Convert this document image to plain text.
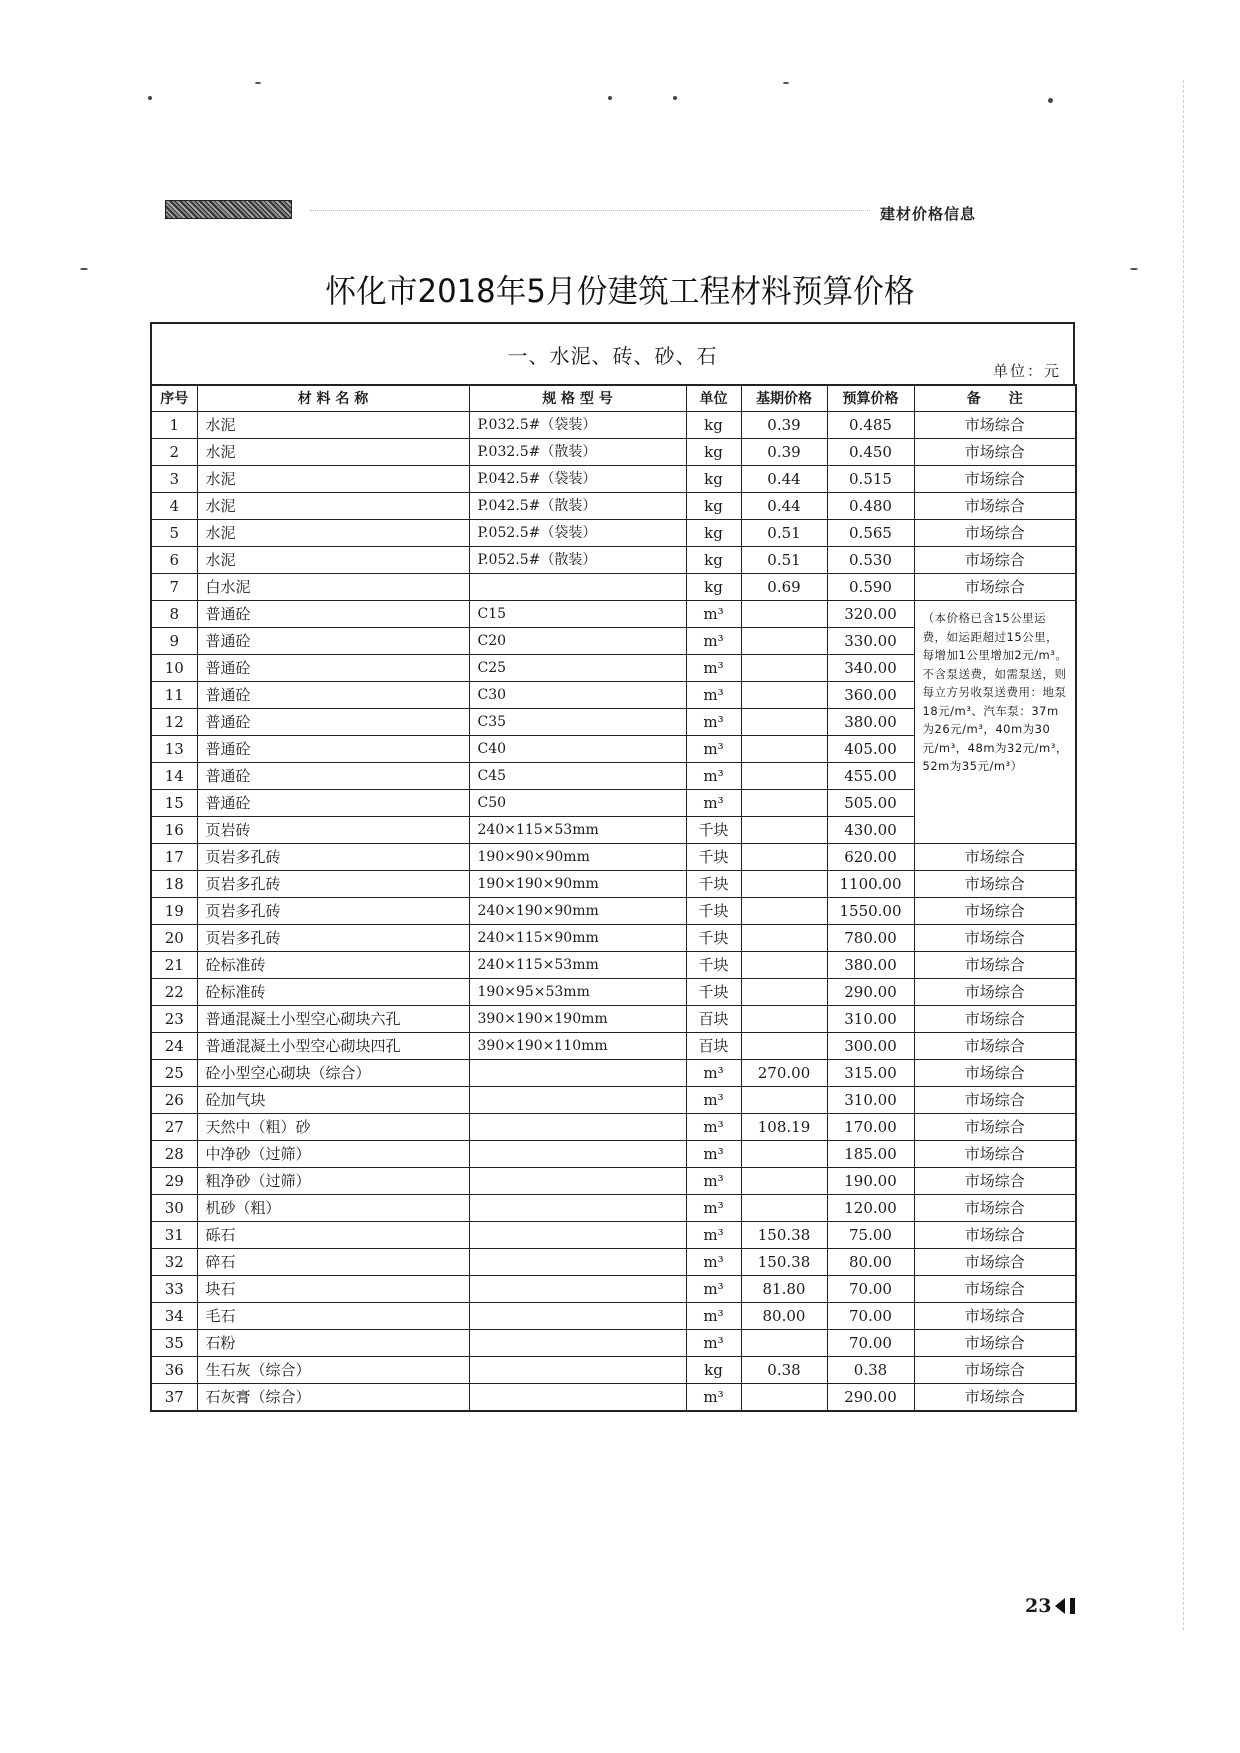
建材价格信息
怀化市2018年5月份建筑工程材料预算价格
一、水泥、砖、砂、石
单位：元
序号	材 料 名 称	规 格 型 号	单位	基期价格	预算价格	备　　注
1	水泥	P.032.5#（袋装）	kg	0.39	0.485	市场综合
2	水泥	P.032.5#（散装）	kg	0.39	0.450	市场综合
3	水泥	P.042.5#（袋装）	kg	0.44	0.515	市场综合
4	水泥	P.042.5#（散装）	kg	0.44	0.480	市场综合
5	水泥	P.052.5#（袋装）	kg	0.51	0.565	市场综合
6	水泥	P.052.5#（散装）	kg	0.51	0.530	市场综合
7	白水泥		kg	0.69	0.590	市场综合
8	普通砼	C15	m³		320.00	（本价格已含15公里运费，如运距超过15公里，每增加1公里增加2元/m³。不含泵送费，如需泵送，则每立方另收泵送费用：地泵18元/m³、汽车泵：37m为26元/m³，40m为30元/m³，48m为32元/m³，52m为35元/m³）
9	普通砼	C20	m³		330.00	
10	普通砼	C25	m³		340.00	
11	普通砼	C30	m³		360.00	
12	普通砼	C35	m³		380.00	
13	普通砼	C40	m³		405.00	
14	普通砼	C45	m³		455.00	
15	普通砼	C50	m³		505.00	
16	页岩砖	240×115×53mm	千块		430.00	
17	页岩多孔砖	190×90×90mm	千块		620.00	市场综合
18	页岩多孔砖	190×190×90mm	千块		1100.00	市场综合
19	页岩多孔砖	240×190×90mm	千块		1550.00	市场综合
20	页岩多孔砖	240×115×90mm	千块		780.00	市场综合
21	砼标准砖	240×115×53mm	千块		380.00	市场综合
22	砼标准砖	190×95×53mm	千块		290.00	市场综合
23	普通混凝土小型空心砌块六孔	390×190×190mm	百块		310.00	市场综合
24	普通混凝土小型空心砌块四孔	390×190×110mm	百块		300.00	市场综合
25	砼小型空心砌块（综合）		m³	270.00	315.00	市场综合
26	砼加气块		m³		310.00	市场综合
27	天然中（粗）砂		m³	108.19	170.00	市场综合
28	中净砂（过筛）		m³		185.00	市场综合
29	粗净砂（过筛）		m³		190.00	市场综合
30	机砂（粗）		m³		120.00	市场综合
31	砾石		m³	150.38	75.00	市场综合
32	碎石		m³	150.38	80.00	市场综合
33	块石		m³	81.80	70.00	市场综合
34	毛石		m³	80.00	70.00	市场综合
35	石粉		m³		70.00	市场综合
36	生石灰（综合）		kg	0.38	0.38	市场综合
37	石灰膏（综合）		m³		290.00	市场综合
23
